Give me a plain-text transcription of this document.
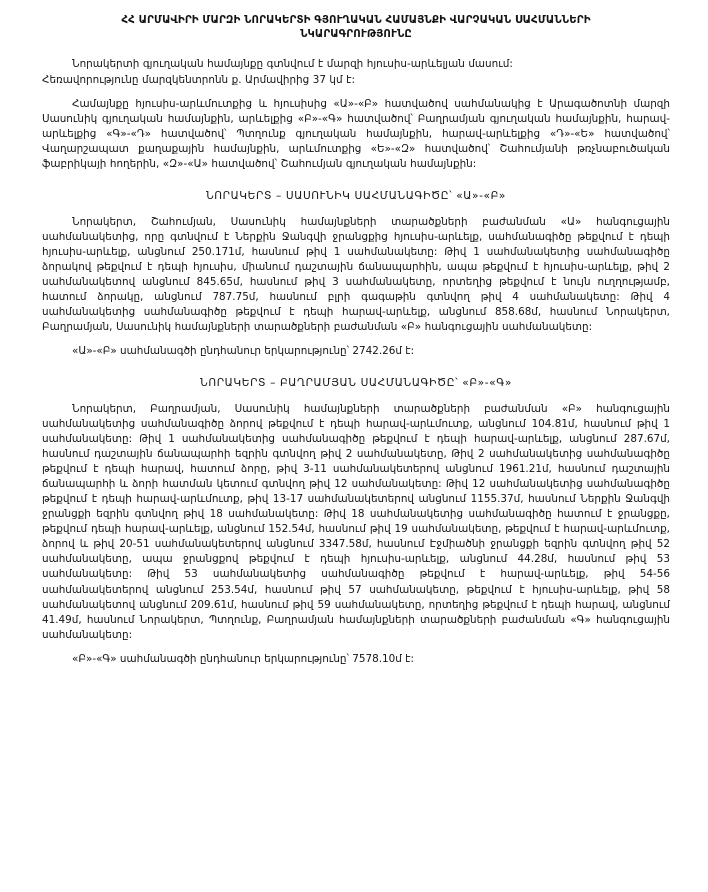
ՀՀ ԱՐՄԱՎԻՐԻ ՄԱՐԶԻ ՆՈՐԱԿԵՐՏԻ ԳՅՈՒՂԱԿԱՆ ՀԱՄԱՅՆՔԻ ՎԱՐՉԱԿԱՆ ՍԱՀՄԱՆՆԵՐԻ
ՆԿԱՐԱԳՐՈՒԹՅՈՒՆԸ

Նորակերտի գյուղական համայնքը գտնվում է մարզի հյուսիս-արևելյան մասում:

Հեռավորությունը մարզկենտրոնն ք. Արմավիրից 37 կմ է:

Համայնքը հյուսիս-արևմուտքից և հյուսիսից «Ա»-«Բ» հատվածով սահմանակից է Արագածոտնի մարզի Սասունիկ գյուղական համայնքին, արևելքից «Բ»-«Գ» հատվածով՝ Բաղրամյան գյուղական համայնքին, հարավ-արևելքից «Գ»-«Դ» հատվածով՝ Պտղունք գյուղական համայնքին, հարավ-արևելքից «Դ»-«Ե» հատվածով՝ Վաղարշապատ քաղաքային համայնքին, արևմուտքից «Ե»-«Զ» հատվածով՝ Շահումյանի թռչնաբուծական ֆաբրիկայի հողերին, «Զ»-«Ա» հատվածով՝ Շահումյան գյուղական համայնքին:

ՆՈՐԱԿԵՐՏ – ՍԱՍՈՒՆԻԿ ՍԱՀՄԱՆԱԳԻԾԸ՝ «Ա»-«Բ»

Նորակերտ, Շահումյան, Սասունիկ համայնքների տարածքների բաժանման «Ա» հանգուցային սահմանակետից, որը գտնվում է Ներքին Ջանգվի ջրանցքից հյուսիս-արևելք, սահմանագիծը թեքվում է դեպի հյուսիս-արևելք, անցնում 250.171մ, հասնում թիվ 1 սահմանակետը: Թիվ 1 սահմանակետից սահմանագիծը ձորակով թեքվում է դեպի հյուսիս, միանում դաշտային ճանապարհին, ապա թեքվում է հյուսիս-արևելք, թիվ 2 սահմանակետով անցնում 845.65մ, հասնում թիվ 3 սահմանակետը, որտեղից թեքվում է նույն ուղղությամբ, հատում ձորակը, անցնում 787.75մ, հասնում բլրի գագաթին գտնվող թիվ 4 սահմանակետը: Թիվ 4 սահմանակետից սահմանագիծը թեքվում է դեպի հարավ-արևելք, անցնում 858.68մ, հասնում Նորակերտ, Բաղրամյան, Սասունիկ համայնքների տարածքների բաժանման «Բ» հանգուցային սահմանակետը:

«Ա»-«Բ» սահմանագծի ընդհանուր երկարությունը՝ 2742.26մ է:

ՆՈՐԱԿԵՐՏ – ԲԱՂՐԱՄՅԱՆ ՍԱՀՄԱՆԱԳԻԾԸ՝ «Բ»-«Գ»

Նորակերտ, Բաղրամյան, Սասունիկ համայնքների տարածքների բաժանման «Բ» հանգուցային սահմանակետից սահմանագիծը ձորով թեքվում է դեպի հարավ-արևմուտք, անցնում 104.81մ, հասնում թիվ 1 սահմանակետը: Թիվ 1 սահմանակետից սահմանագիծը թեքվում է դեպի հարավ-արևելք, անցնում 287.67մ, հասնում դաշտային ճանապարհի եզրին գտնվող թիվ 2 սահմանակետը, Թիվ 2 սահմանակետից սահմանագիծը թեքվում է դեպի հարավ, հատում ձորը, թիվ 3-11 սահմանակետերով անցնում 1961.21մ, հասնում դաշտային ճանապարհի և ձորի հատման կետում գտնվող թիվ 12 սահմանակետը: Թիվ 12 սահմանակետից սահմանագիծը թեքվում է դեպի հարավ-արևմուտք, թիվ 13-17 սահմանակետերով անցնում 1155.37մ, հասնում Ներքին Ջանգվի ջրանցքի եզրին գտնվող թիվ 18 սահմանակետը: Թիվ 18 սահմանակետից սահմանագիծը հատում է ջրանցքը, թեքվում դեպի հարավ-արևելք, անցնում 152.54մ, հասնում թիվ 19 սահմանակետը, թեքվում է հարավ-արևմուտք, ձորով և թիվ 20-51 սահմանակետերով անցնում 3347.58մ, հասնում Էջմիածնի ջրանցքի եզրին գտնվող թիվ 52 սահմանակետը, ապա ջրանցքով թեքվում է դեպի հյուսիս-արևելք, անցնում 44.28մ, հասնում թիվ 53 սահմանակետը: Թիվ 53 սահմանակետից սահմանագիծը թեքվում է հարավ-արևելք, թիվ 54-56 սահմանակետերով անցնում 253.54մ, հասնում թիվ 57 սահմանակետը, թեքվում է հյուսիս-արևելք, թիվ 58 սահմանակետով անցնում 209.61մ, հասնում թիվ 59 սահմանակետը, որտեղից թեքվում է դեպի հարավ, անցնում 41.49մ, հասնում Նորակերտ, Պտղունք, Բաղրամյան համայնքների տարածքների բաժանման «Գ» հանգուցային սահմանակետը:

«Բ»-«Գ» սահմանագծի ընդհանուր երկարությունը՝ 7578.10մ է:
